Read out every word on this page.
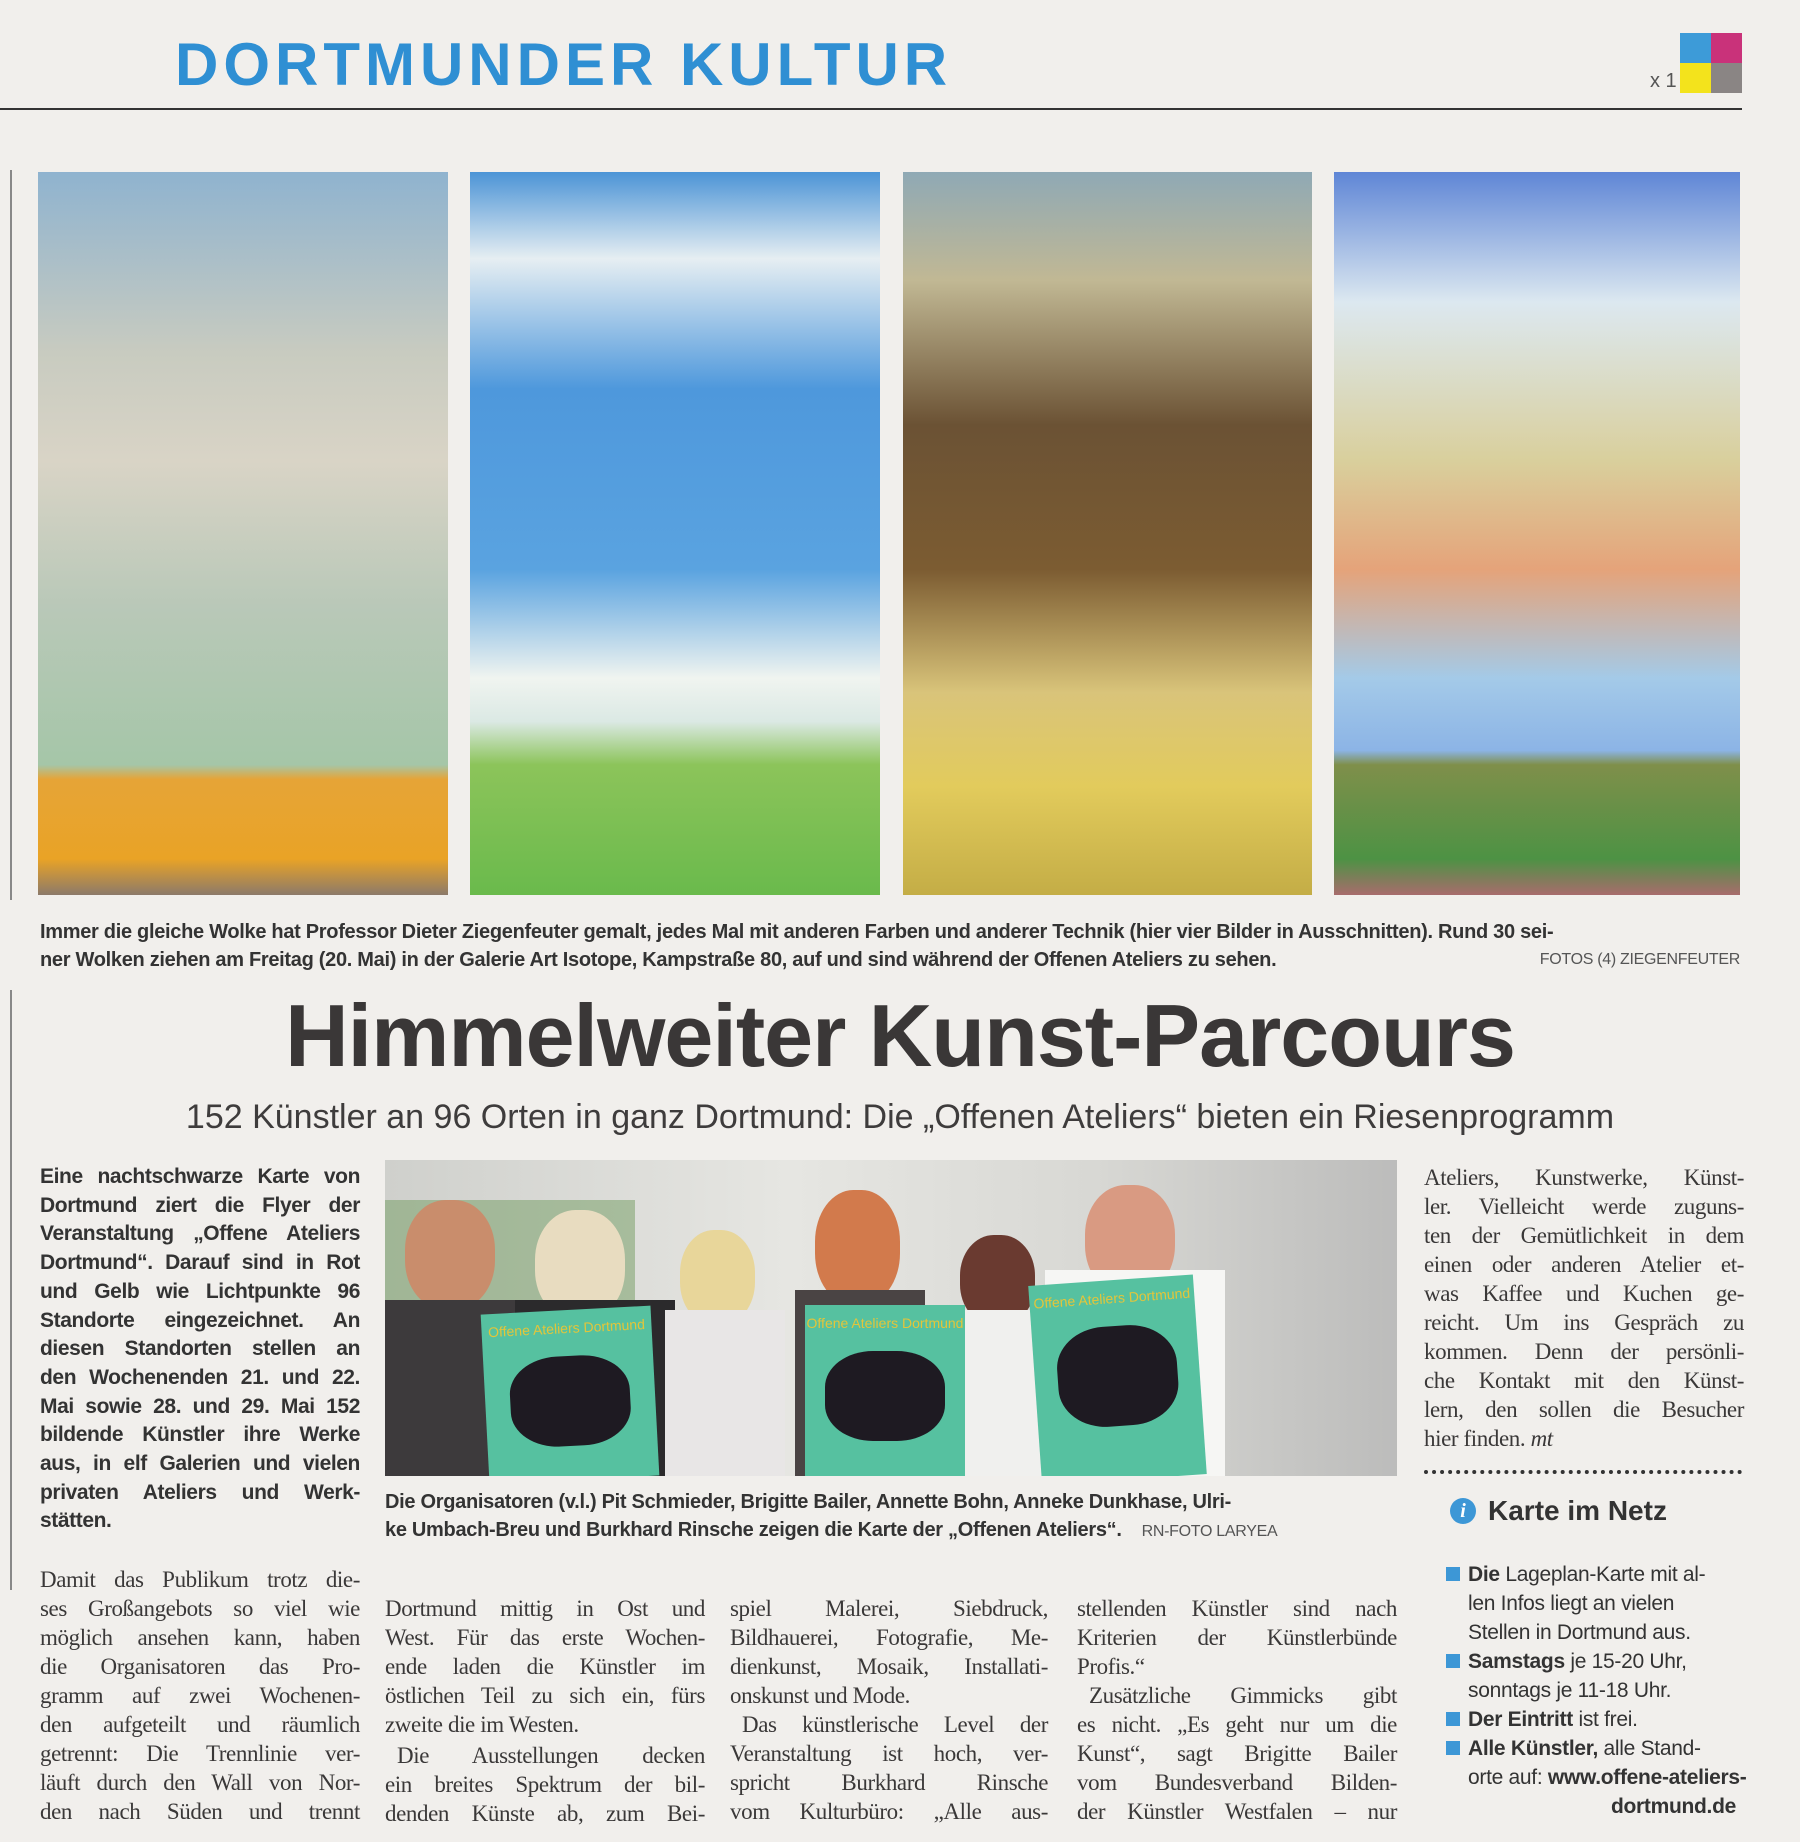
DORTMUNDER KULTUR	x 1
Immer die gleiche Wolke hat Professor Dieter Ziegenfeuter gemalt, jedes Mal mit anderen Farben und anderer Technik (hier vier Bilder in Ausschnitten). Rund 30 sei-
ner Wolken ziehen am Freitag (20. Mai) in der Galerie Art Isotope, Kampstraße 80, auf und sind während der Offenen Ateliers zu sehen.	FOTOS (4) ZIEGENFEUTER
Himmelweiter Kunst-Parcours
152 Künstler an 96 Orten in ganz Dortmund: Die „Offenen Ateliers“ bieten ein Riesenprogramm
Eine nachtschwarze Karte von
Dortmund ziert die Flyer der
Veranstaltung „Offene Ateliers
Dortmund“. Darauf sind in Rot
und Gelb wie Lichtpunkte 96
Standorte eingezeichnet. An
diesen Standorten stellen an
den Wochenenden 21. und 22.
Mai sowie 28. und 29. Mai 152
bildende Künstler ihre Werke
aus, in elf Galerien und vielen
privaten Ateliers und Werk-
stätten.
Offene Ateliers Dortmund	Offene Ateliers Dortmund
Offene Ateliers Dortmund
Die Organisatoren (v.l.) Pit Schmieder, Brigitte Bailer, Annette Bohn, Anneke Dunkhase, Ulri-
ke Umbach-Breu und Burkhard Rinsche zeigen die Karte der „Offenen Ateliers“. RN-FOTO LARYEA
Ateliers, Kunstwerke, Künst-
ler. Vielleicht werde zuguns-
ten der Gemütlichkeit in dem
einen oder anderen Atelier et-
was Kaffee und Kuchen ge-
reicht. Um ins Gespräch zu
kommen. Denn der persönli-
che Kontakt mit den Künst-
lern, den sollen die Besucher
hier finden. mt
i Karte im Netz
Die Lageplan-Karte mit al-
len Infos liegt an vielen
Stellen in Dortmund aus.
Samstags je 15-20 Uhr,
sonntags je 11-18 Uhr.
Der Eintritt ist frei.
Alle Künstler, alle Stand-
orte auf: www.offene-ateliers-
dortmund.de
Damit das Publikum trotz die-
ses Großangebots so viel wie
möglich ansehen kann, haben
die Organisatoren das Pro-
gramm auf zwei Wochenen-
den aufgeteilt und räumlich
getrennt: Die Trennlinie ver-
läuft durch den Wall von Nor-
den nach Süden und trennt
Dortmund mittig in Ost und
West. Für das erste Wochen-
ende laden die Künstler im
östlichen Teil zu sich ein, fürs
zweite die im Westen.
Die Ausstellungen decken
ein breites Spektrum der bil-
denden Künste ab, zum Bei-
spiel Malerei, Siebdruck,
Bildhauerei, Fotografie, Me-
dienkunst, Mosaik, Installati-
onskunst und Mode.
Das künstlerische Level der
Veranstaltung ist hoch, ver-
spricht Burkhard Rinsche
vom Kulturbüro: „Alle aus-
stellenden Künstler sind nach
Kriterien der Künstlerbünde
Profis.“
Zusätzliche Gimmicks gibt
es nicht. „Es geht nur um die
Kunst“, sagt Brigitte Bailer
vom Bundesverband Bilden-
der Künstler Westfalen – nur
